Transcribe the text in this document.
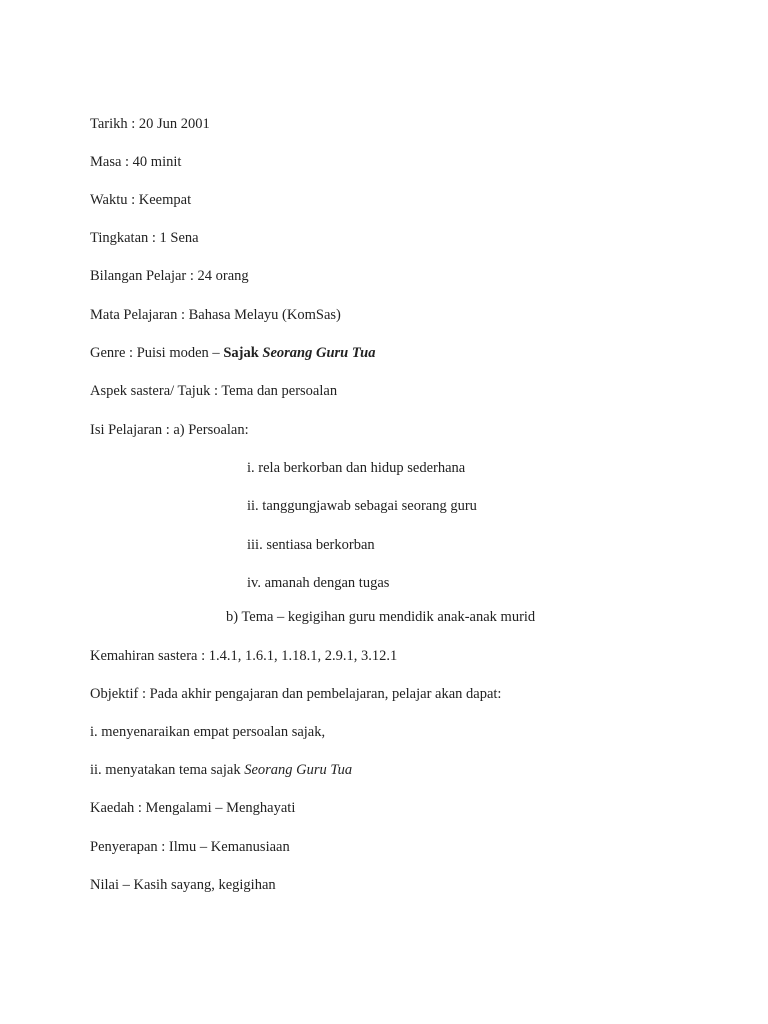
Tarikh : 20 Jun 2001
Masa : 40 minit
Waktu : Keempat
Tingkatan : 1 Sena
Bilangan Pelajar : 24 orang
Mata Pelajaran : Bahasa Melayu (KomSas)
Genre : Puisi moden – Sajak Seorang Guru Tua
Aspek sastera/ Tajuk : Tema dan persoalan
Isi Pelajaran : a) Persoalan:
i. rela berkorban dan hidup sederhana
ii. tanggungjawab sebagai seorang guru
iii. sentiasa berkorban
iv. amanah dengan tugas
b) Tema – kegigihan guru mendidik anak-anak murid
Kemahiran sastera : 1.4.1, 1.6.1, 1.18.1, 2.9.1, 3.12.1
Objektif : Pada akhir pengajaran dan pembelajaran, pelajar akan dapat:
i. menyenaraikan empat persoalan sajak,
ii. menyatakan tema sajak Seorang Guru Tua
Kaedah : Mengalami – Menghayati
Penyerapan : Ilmu – Kemanusiaan
Nilai – Kasih sayang, kegigihan
